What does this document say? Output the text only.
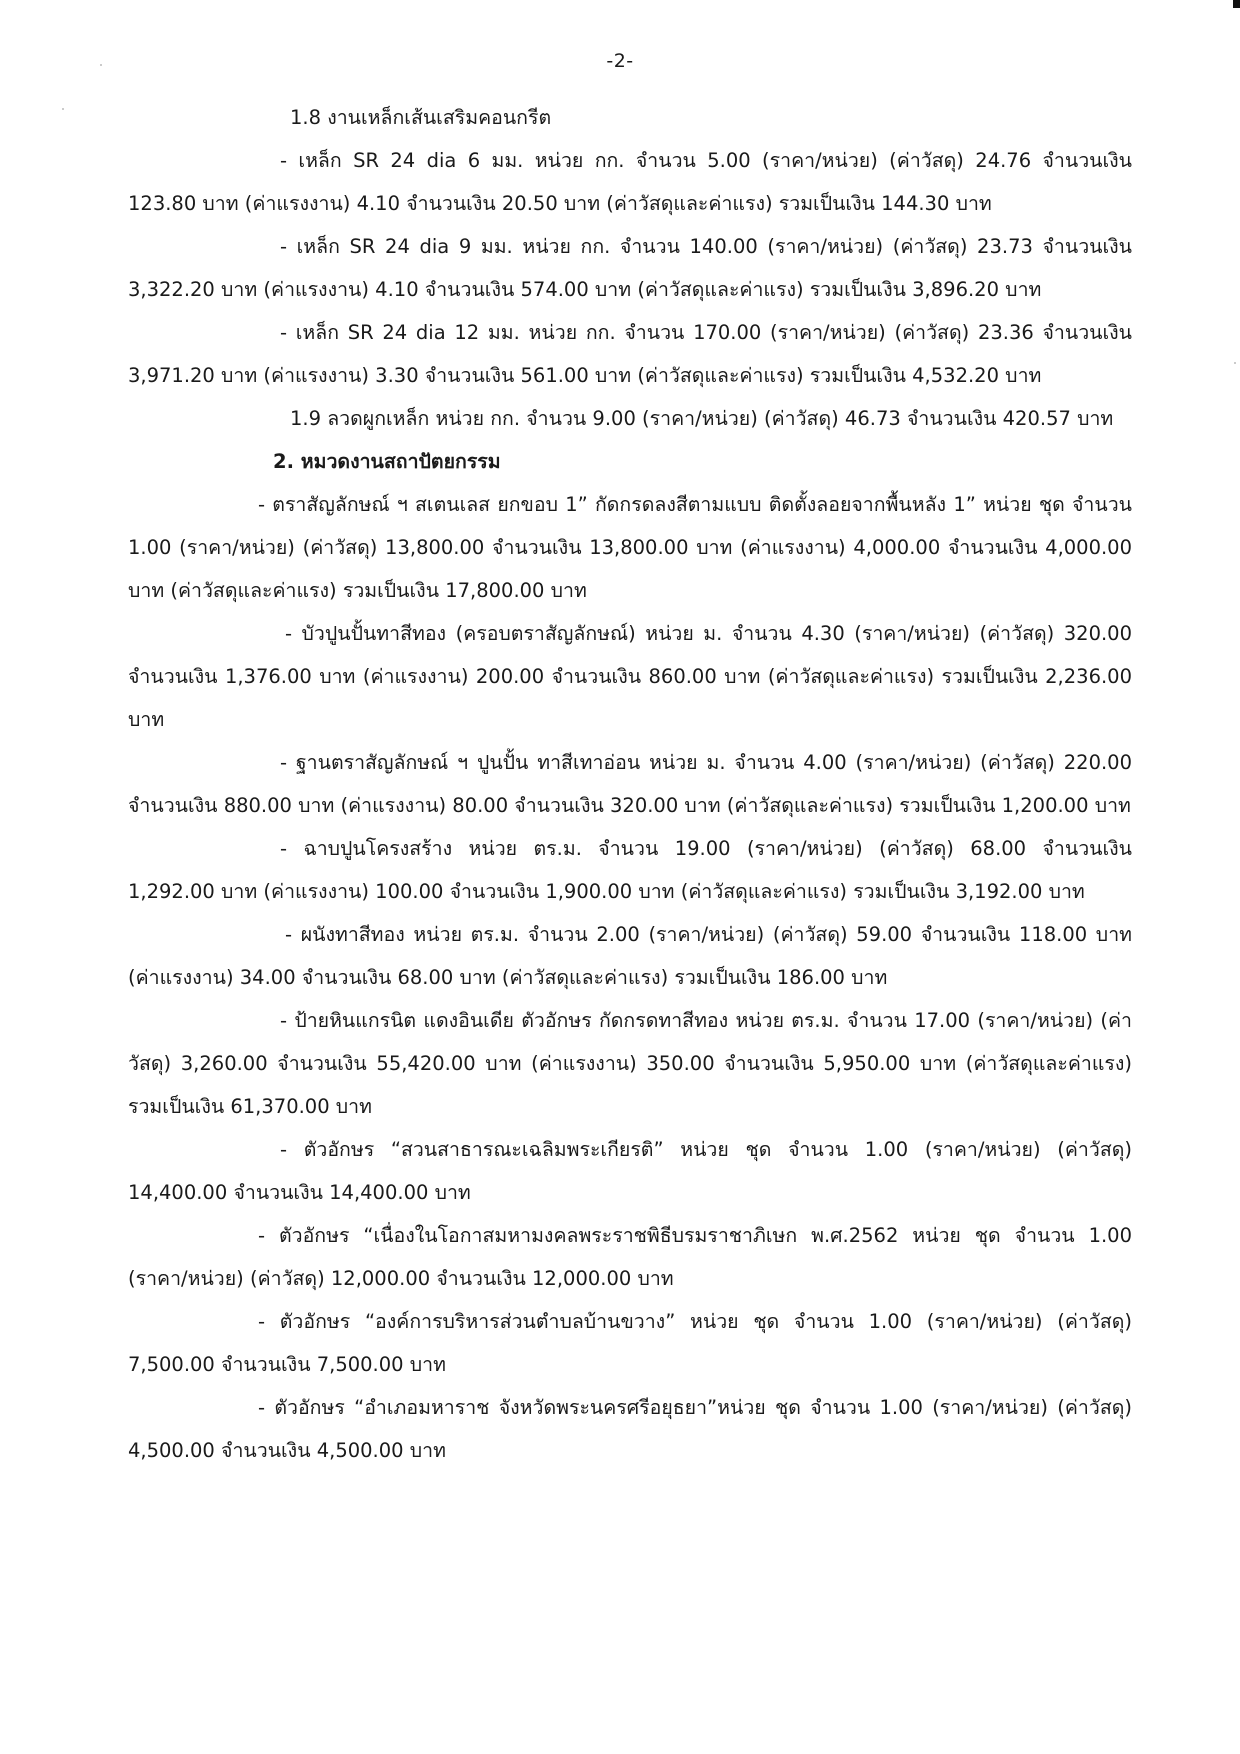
-2-

1.8 งานเหล็กเส้นเสริมคอนกรีต

- เหล็ก SR 24 dia 6 มม. หน่วย กก. จำนวน 5.00 (ราคา/หน่วย) (ค่าวัสดุ) 24.76 จำนวนเงิน 123.80 บาท (ค่าแรงงาน) 4.10 จำนวนเงิน 20.50 บาท (ค่าวัสดุและค่าแรง) รวมเป็นเงิน 144.30 บาท

- เหล็ก SR 24 dia 9 มม. หน่วย กก. จำนวน 140.00 (ราคา/หน่วย) (ค่าวัสดุ) 23.73 จำนวนเงิน 3,322.20 บาท (ค่าแรงงาน) 4.10 จำนวนเงิน 574.00 บาท (ค่าวัสดุและค่าแรง) รวมเป็นเงิน 3,896.20 บาท

- เหล็ก SR 24 dia 12 มม. หน่วย กก. จำนวน 170.00 (ราคา/หน่วย) (ค่าวัสดุ) 23.36 จำนวนเงิน 3,971.20 บาท (ค่าแรงงาน) 3.30 จำนวนเงิน 561.00 บาท (ค่าวัสดุและค่าแรง) รวมเป็นเงิน 4,532.20 บาท

1.9 ลวดผูกเหล็ก หน่วย กก. จำนวน 9.00 (ราคา/หน่วย) (ค่าวัสดุ) 46.73 จำนวนเงิน 420.57 บาท

2. หมวดงานสถาปัตยกรรม

- ตราสัญลักษณ์ ฯ สเตนเลส ยกขอบ 1” กัดกรดลงสีตามแบบ ติดตั้งลอยจากพื้นหลัง 1” หน่วย ชุด จำนวน 1.00 (ราคา/หน่วย) (ค่าวัสดุ) 13,800.00 จำนวนเงิน 13,800.00 บาท (ค่าแรงงาน) 4,000.00 จำนวนเงิน 4,000.00 บาท (ค่าวัสดุและค่าแรง) รวมเป็นเงิน 17,800.00 บาท

- บัวปูนปั้นทาสีทอง (ครอบตราสัญลักษณ์) หน่วย ม. จำนวน 4.30 (ราคา/หน่วย) (ค่าวัสดุ) 320.00 จำนวนเงิน 1,376.00 บาท (ค่าแรงงาน) 200.00 จำนวนเงิน 860.00 บาท (ค่าวัสดุและค่าแรง) รวมเป็นเงิน 2,236.00 บาท

- ฐานตราสัญลักษณ์ ฯ ปูนปั้น ทาสีเทาอ่อน หน่วย ม. จำนวน 4.00 (ราคา/หน่วย) (ค่าวัสดุ) 220.00 จำนวนเงิน 880.00 บาท (ค่าแรงงาน) 80.00 จำนวนเงิน 320.00 บาท (ค่าวัสดุและค่าแรง) รวมเป็นเงิน 1,200.00 บาท

- ฉาบปูนโครงสร้าง หน่วย ตร.ม. จำนวน 19.00 (ราคา/หน่วย) (ค่าวัสดุ) 68.00 จำนวนเงิน 1,292.00 บาท (ค่าแรงงาน) 100.00 จำนวนเงิน 1,900.00 บาท (ค่าวัสดุและค่าแรง) รวมเป็นเงิน 3,192.00 บาท

- ผนังทาสีทอง หน่วย ตร.ม. จำนวน 2.00 (ราคา/หน่วย) (ค่าวัสดุ) 59.00 จำนวนเงิน 118.00 บาท (ค่าแรงงาน) 34.00 จำนวนเงิน 68.00 บาท (ค่าวัสดุและค่าแรง) รวมเป็นเงิน 186.00 บาท

- ป้ายหินแกรนิต แดงอินเดีย ตัวอักษร กัดกรดทาสีทอง หน่วย ตร.ม. จำนวน 17.00 (ราคา/หน่วย) (ค่าวัสดุ) 3,260.00 จำนวนเงิน 55,420.00 บาท (ค่าแรงงาน) 350.00 จำนวนเงิน 5,950.00 บาท (ค่าวัสดุและค่าแรง) รวมเป็นเงิน 61,370.00 บาท

- ตัวอักษร “สวนสาธารณะเฉลิมพระเกียรติ” หน่วย ชุด จำนวน 1.00 (ราคา/หน่วย) (ค่าวัสดุ) 14,400.00 จำนวนเงิน 14,400.00 บาท

- ตัวอักษร “เนื่องในโอกาสมหามงคลพระราชพิธีบรมราชาภิเษก พ.ศ.2562 หน่วย ชุด จำนวน 1.00 (ราคา/หน่วย) (ค่าวัสดุ) 12,000.00 จำนวนเงิน 12,000.00 บาท

- ตัวอักษร “องค์การบริหารส่วนตำบลบ้านขวาง” หน่วย ชุด จำนวน 1.00 (ราคา/หน่วย) (ค่าวัสดุ) 7,500.00 จำนวนเงิน 7,500.00 บาท

- ตัวอักษร “อำเภอมหาราช จังหวัดพระนครศรีอยุธยา”หน่วย ชุด จำนวน 1.00 (ราคา/หน่วย) (ค่าวัสดุ) 4,500.00 จำนวนเงิน 4,500.00 บาท
